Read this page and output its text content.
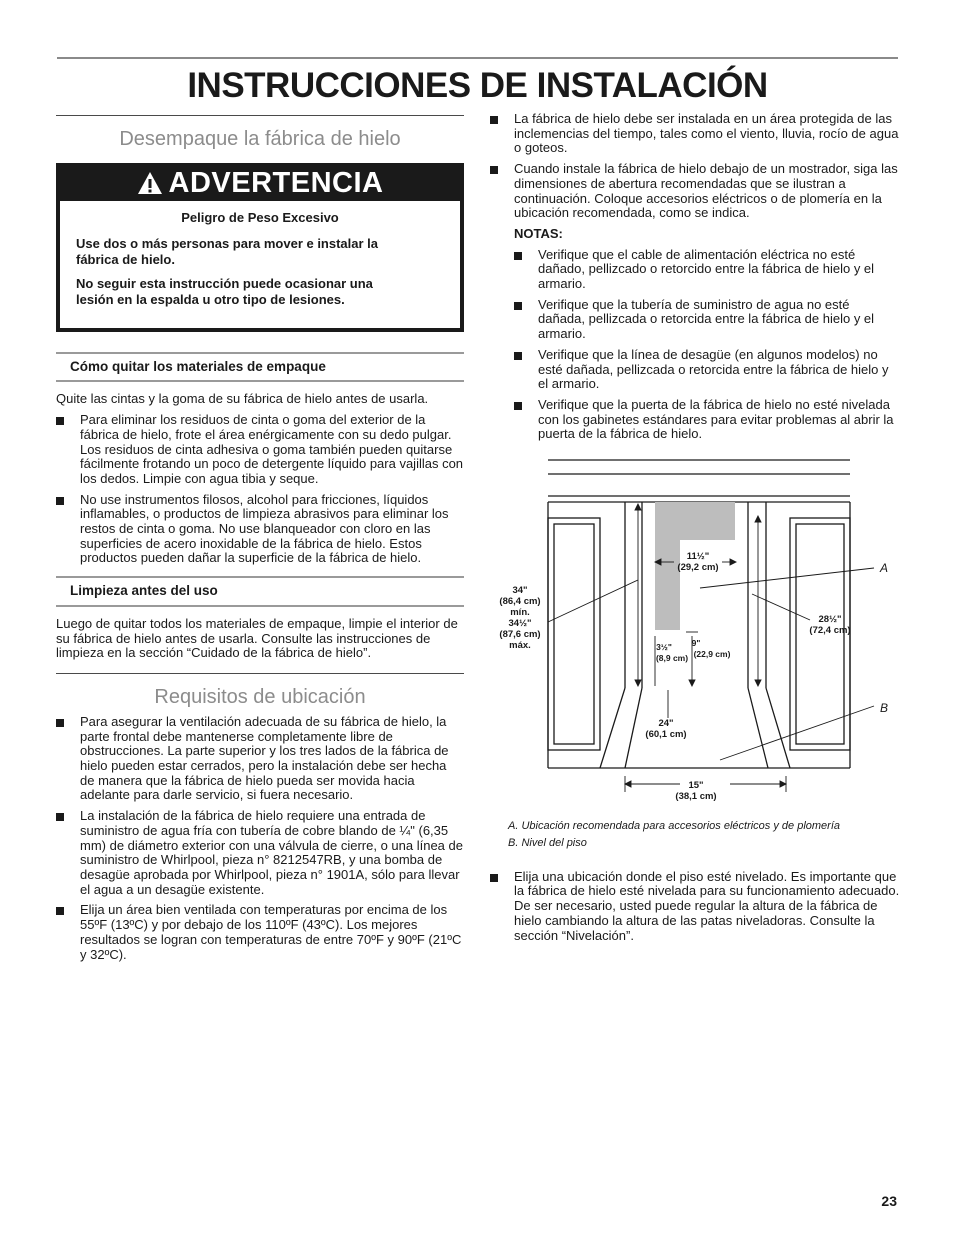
INSTRUCCIONES DE INSTALACIÓN
Desempaque la fábrica de hielo
ADVERTENCIA

Peligro de Peso Excesivo

Use dos o más personas para mover e instalar la fábrica de hielo.

No seguir esta instrucción puede ocasionar una lesión en la espalda u otro tipo de lesiones.

Cómo quitar los materiales de empaque

Quite las cintas y la goma de su fábrica de hielo antes de usarla.

Para eliminar los residuos de cinta o goma del exterior de la fábrica de hielo, frote el área enérgicamente con su dedo pulgar. Los residuos de cinta adhesiva o goma también pueden quitarse fácilmente frotando un poco de detergente líquido para vajillas con los dedos. Limpie con agua tibia y seque.
No use instrumentos filosos, alcohol para fricciones, líquidos inflamables, o productos de limpieza abrasivos para eliminar los restos de cinta o goma. No use blanqueador con cloro en las superficies de acero inoxidable de la fábrica de hielo. Estos productos pueden dañar la superficie de la fábrica de hielo.
Limpieza antes del uso

Luego de quitar todos los materiales de empaque, limpie el interior de su fábrica de hielo antes de usarla. Consulte las instrucciones de limpieza en la sección “Cuidado de la fábrica de hielo”.

Requisitos de ubicación
Para asegurar la ventilación adecuada de su fábrica de hielo, la parte frontal debe mantenerse completamente libre de obstrucciones. La parte superior y los tres lados de la fábrica de hielo pueden estar cerrados, pero la instalación debe ser hecha de manera que la fábrica de hielo pueda ser movida hacia adelante para darle servicio, si fuera necesario.
La instalación de la fábrica de hielo requiere una entrada de suministro de agua fría con tubería de cobre blando de ¼" (6,35 mm) de diámetro exterior con una válvula de cierre, o una línea de suministro de Whirlpool, pieza n° 8212547RB, y una bomba de desagüe aprobada por Whirlpool, pieza n° 1901A, sólo para llevar el agua a un desagüe existente.
Elija un área bien ventilada con temperaturas por encima de los 55ºF (13ºC) y por debajo de los 110ºF (43ºC). Los mejores resultados se logran con temperaturas de entre 70ºF y 90ºF (21ºC y 32ºC).
La fábrica de hielo debe ser instalada en un área protegida de las inclemencias del tiempo, tales como el viento, lluvia, rocío de agua o goteos.
Cuando instale la fábrica de hielo debajo de un mostrador, siga las dimensiones de abertura recomendadas que se ilustran a continuación. Coloque accesorios eléctricos o de plomería en la ubicación recomendada, como se indica.
NOTAS:
Verifique que el cable de alimentación eléctrica no esté dañado, pellizcado o retorcido entre la fábrica de hielo y el armario.
Verifique que la tubería de suministro de agua no esté dañada, pellizcada o retorcida entre la fábrica de hielo y el armario.
Verifique que la línea de desagüe (en algunos modelos) no esté dañada, pellizcada o retorcida entre la fábrica de hielo y el armario.
Verifique que la puerta de la fábrica de hielo no esté nivelada con los gabinetes estándares para evitar problemas al abrir la puerta de la fábrica de hielo.
34"
(86,4 cm)
mín.
34½"
(87,6 cm)
máx.
11½"
(29,2 cm)
28½"
(72,4 cm)
3½"
(8,9 cm)
9"
(22,9 cm)
24"
(60,1 cm)
15"
(38,1 cm)
A
B
A. Ubicación recomendada para accesorios eléctricos y de plomería
B. Nivel del piso
Elija una ubicación donde el piso esté nivelado. Es importante que la fábrica de hielo esté nivelada para su funcionamiento adecuado. De ser necesario, usted puede regular la altura de la fábrica de hielo cambiando la altura de las patas niveladoras. Consulte la sección “Nivelación”.
23
